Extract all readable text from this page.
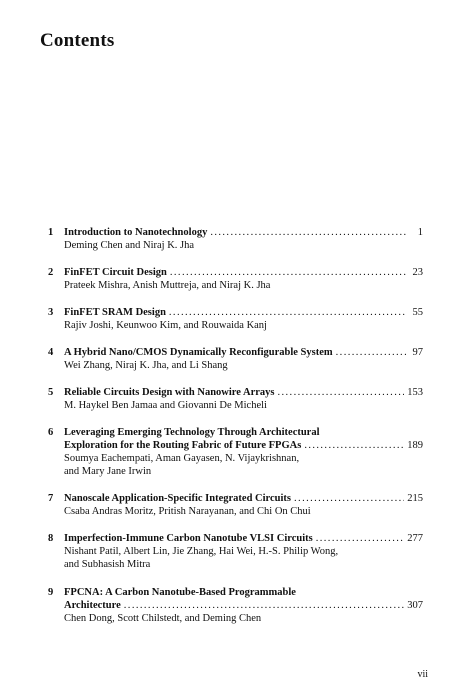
Contents
1	Introduction to Nanotechnology .....	1
Deming Chen and Niraj K. Jha
2	FinFET Circuit Design .....	23
Prateek Mishra, Anish Muttreja, and Niraj K. Jha
3	FinFET SRAM Design .....	55
Rajiv Joshi, Keunwoo Kim, and Rouwaida Kanj
4	A Hybrid Nano/CMOS Dynamically Reconfigurable System .....	97
Wei Zhang, Niraj K. Jha, and Li Shang
5	Reliable Circuits Design with Nanowire Arrays .....	153
M. Haykel Ben Jamaa and Giovanni De Micheli
6	Leveraging Emerging Technology Through Architectural
Exploration for the Routing Fabric of Future FPGAs .....	189
Soumya Eachempati, Aman Gayasen, N. Vijaykrishnan,
and Mary Jane Irwin
7	Nanoscale Application-Specific Integrated Circuits .....	215
Csaba Andras Moritz, Pritish Narayanan, and Chi On Chui
8	Imperfection-Immune Carbon Nanotube VLSI Circuits .....	277
Nishant Patil, Albert Lin, Jie Zhang, Hai Wei, H.-S. Philip Wong,
and Subhasish Mitra
9	FPCNA: A Carbon Nanotube-Based Programmable
Architecture .....	307
Chen Dong, Scott Chilstedt, and Deming Chen
vii
